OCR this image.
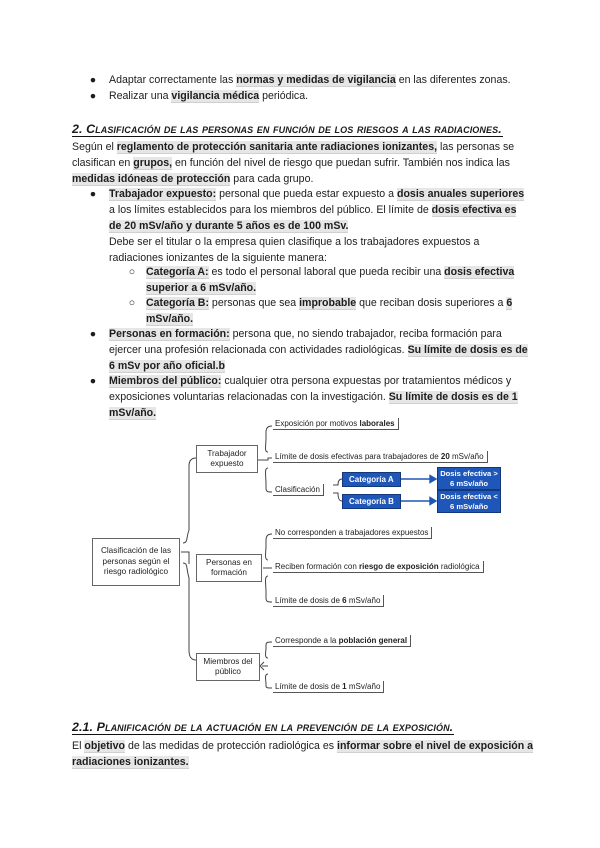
● Adaptar correctamente las normas y medidas de vigilancia en las diferentes zonas.
● Realizar una vigilancia médica periódica.
2. Clasificación de las personas en función de los riesgos a las radiaciones.
Según el reglamento de protección sanitaria ante radiaciones ionizantes, las personas se clasifican en grupos, en función del nivel de riesgo que puedan sufrir. También nos indica las medidas idóneas de protección para cada grupo.
● Trabajador expuesto: personal que pueda estar expuesto a dosis anuales superiores a los límites establecidos para los miembros del público. El límite de dosis efectiva es de 20 mSv/año y durante 5 años es de 100 mSv.
Debe ser el titular o la empresa quien clasifique a los trabajadores expuestos a radiaciones ionizantes de la siguiente manera:
○ Categoría A: es todo el personal laboral que pueda recibir una dosis efectiva superior a 6 mSv/año.
○ Categoría B: personas que sea improbable que reciban dosis superiores a 6 mSv/año.
● Personas en formación: persona que, no siendo trabajador, reciba formación para ejercer una profesión relacionada con actividades radiológicas. Su límite de dosis es de 6 mSv por año oficial.b
● Miembros del público: cualquier otra persona expuestas por tratamientos médicos y exposiciones voluntarias relacionadas con la investigación. Su límite de dosis es de 1 mSv/año.
Clasificación de las personas según el riesgo radiológico
Trabajador expuesto
Personas en formación
Miembros del público
Exposición por motivos laborales
Límite de dosis efectivas para trabajadores de 20 mSv/año
Clasificación
Categoría A
Categoría B
Dosis efectiva > 6 mSv/año
Dosis efectiva < 6 mSv/año
No corresponden a trabajadores expuestos
Reciben formación con riesgo de exposición radiológica
Límite de dosis de 6 mSv/año
Corresponde a la población general
Límite de dosis de 1 mSv/año
2.1. Planificación de la actuación en la prevención de la exposición.
El objetivo de las medidas de protección radiológica es informar sobre el nivel de exposición a radiaciones ionizantes.
